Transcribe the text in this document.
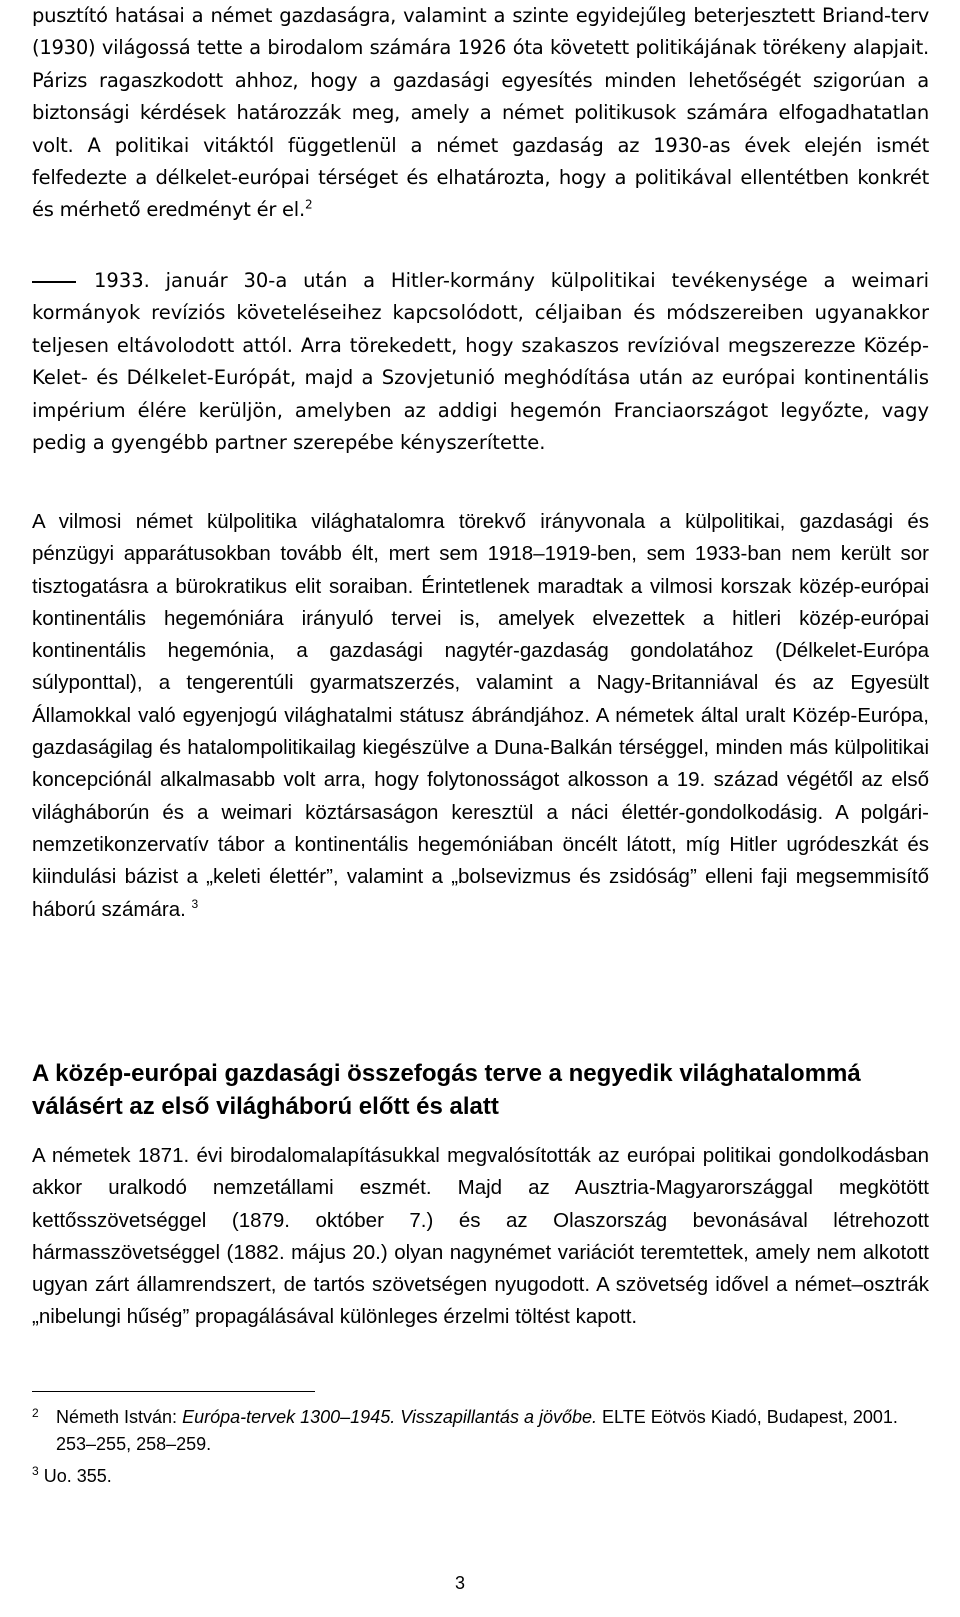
pusztító hatásai a német gazdaságra, valamint a szinte egyidejűleg beterjesztett Briand-terv (1930) világossá tette a birodalom számára 1926 óta követett politikájának törékeny alapjait. Párizs ragaszkodott ahhoz, hogy a gazdasági egyesítés minden lehetőségét szigorúan a biztonsági kérdések határozzák meg, amely a német politikusok számára elfogadhatatlan volt. A politikai vitáktól függetlenül a német gazdaság az 1930-as évek elején ismét felfedezte a délkelet-európai térséget és elhatározta, hogy a politikával ellentétben konkrét és mérhető eredményt ér el.$^2$

1933. január 30-a után a Hitler-kormány külpolitikai tevékenysége a weimari kormányok revíziós követeléseihez kapcsolódott, céljaiban és módszereiben ugyanakkor teljesen eltávolodott attól. Arra törekedett, hogy szakaszos revízióval megszerezze Közép-Kelet- és Délkelet-Európát, majd a Szovjetunió meghódítása után az európai kontinentális impérium élére kerüljön, amelyben az addigi hegemón Franciaországot legyőzte, vagy pedig a gyengébb partner szerepébe kényszerítette.

A vilmosi német külpolitika világhatalomra törekvő irányvonala a külpolitikai, gazdasági és pénzügyi apparátusokban tovább élt, mert sem 1918–1919-ben, sem 1933-ban nem került sor tisztogatásra a bürokratikus elit soraiban. Érintetlenek maradtak a vilmosi korszak közép-európai kontinentális hegemóniára irányuló tervei is, amelyek elvezettek a hitleri közép-európai kontinentális hegemónia, a gazdasági nagytér-gazdaság gondolatához (Délkelet-Európa súlyponttal), a tengerentúli gyarmatszerzés, valamint a Nagy-Britanniával és az Egyesült Államokkal való egyenjogú világhatalmi státusz ábrándjához. A németek által uralt Közép-Európa, gazdaságilag és hatalompolitikailag kiegészülve a Duna-Balkán térséggel, minden más külpolitikai koncepciónál alkalmasabb volt arra, hogy folytonosságot alkosson a 19. század végétől az első világháborún és a weimari köztársaságon keresztül a náci élettér-gondolkodásig. A polgári-nemzetikonzervatív tábor a kontinentális hegemóniában öncélt látott, míg Hitler ugródeszkát és kiindulási bázist a „keleti élettér”, valamint a „bolsevizmus és zsidóság” elleni faji megsemmisítő háború számára. $^3$

A közép-európai gazdasági összefogás terve a negyedik világhatalommá válásért az első világháború előtt és alatt

A németek 1871. évi birodalomalapításukkal megvalósították az európai politikai gondolkodásban akkor uralkodó nemzetállami eszmét. Majd az Ausztria-Magyarországgal megkötött kettősszövetséggel (1879. október 7.) és az Olaszország bevonásával létrehozott hármasszövetséggel (1882. május 20.) olyan nagynémet variációt teremtettek, amely nem alkotott ugyan zárt államrendszert, de tartós szövetségen nyugodott. A szövetség idővel a német–osztrák „nibelungi hűség” propagálásával különleges érzelmi töltést kapott.

2 Németh István: Európa-tervek 1300–1945. Visszapillantás a jövőbe. ELTE Eötvös Kiadó, Budapest, 2001. 253–255, 258–259.

$^3$ Uo. 355.

3
